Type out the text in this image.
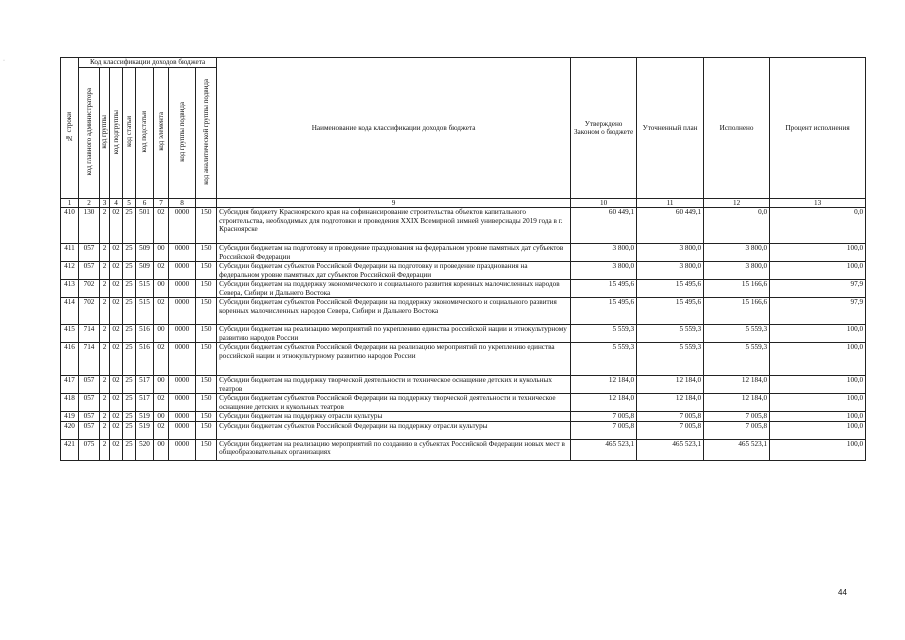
·
№ строки	Код классификации доходов бюджета								Наименование кода классификации доходов бюджета	Утверждено Законом о бюджете	Уточненный план	Исполнено	Процент исполнения
	код главного администратора	код группы	код подгруппы	код статьи	код подстатьи	код элемента	код группы подвида	код аналитической группы подвида					
1	2	3	4	5	6	7	8		9	10	11	12	13
410	130	2	02	25	501	02	0000	150	Субсидия бюджету Красноярского края на софинансирование строительства объектов капитального строительства, необходимых для подготовки и проведения XXIX Всемирной зимней универсиады 2019 года в г. Красноярске	60 449,1	60 449,1	0,0	0,0
411	057	2	02	25	509	00	0000	150	Субсидии бюджетам на подготовку и проведение празднования на федеральном уровне памятных дат субъектов Российской Федерации	3 800,0	3 800,0	3 800,0	100,0
412	057	2	02	25	509	02	0000	150	Субсидии бюджетам субъектов Российской Федерации на подготовку и проведение празднования на федеральном уровне памятных дат субъектов Российской Федерации	3 800,0	3 800,0	3 800,0	100,0
413	702	2	02	25	515	00	0000	150	Субсидии бюджетам на поддержку экономического и социального развития коренных малочисленных народов Севера, Сибири и Дальнего Востока	15 495,6	15 495,6	15 166,6	97,9
414	702	2	02	25	515	02	0000	150	Субсидии бюджетам субъектов Российской Федерации на поддержку экономического и социального развития коренных малочисленных народов Севера, Сибири и Дальнего Востока	15 495,6	15 495,6	15 166,6	97,9
415	714	2	02	25	516	00	0000	150	Субсидии бюджетам на реализацию мероприятий по укреплению единства российской нации и этнокультурному развитию народов России	5 559,3	5 559,3	5 559,3	100,0
416	714	2	02	25	516	02	0000	150	Субсидии бюджетам субъектов Российской Федерации на реализацию мероприятий по укреплению единства российской нации и этнокультурному развитию народов России	5 559,3	5 559,3	5 559,3	100,0
417	057	2	02	25	517	00	0000	150	Субсидии бюджетам на поддержку творческой деятельности и техническое оснащение детских и кукольных театров	12 184,0	12 184,0	12 184,0	100,0
418	057	2	02	25	517	02	0000	150	Субсидии бюджетам субъектов Российской Федерации на поддержку творческой деятельности и техническое оснащение детских и кукольных театров	12 184,0	12 184,0	12 184,0	100,0
419	057	2	02	25	519	00	0000	150	Субсидии бюджетам на поддержку отрасли культуры	7 005,8	7 005,8	7 005,8	100,0
420	057	2	02	25	519	02	0000	150	Субсидии бюджетам субъектов Российской Федерации на поддержку отрасли культуры	7 005,8	7 005,8	7 005,8	100,0
421	075	2	02	25	520	00	0000	150	Субсидии бюджетам на реализацию мероприятий по созданию в субъектах Российской Федерации новых мест в общеобразовательных организациях	465 523,1	465 523,1	465 523,1	100,0
44
